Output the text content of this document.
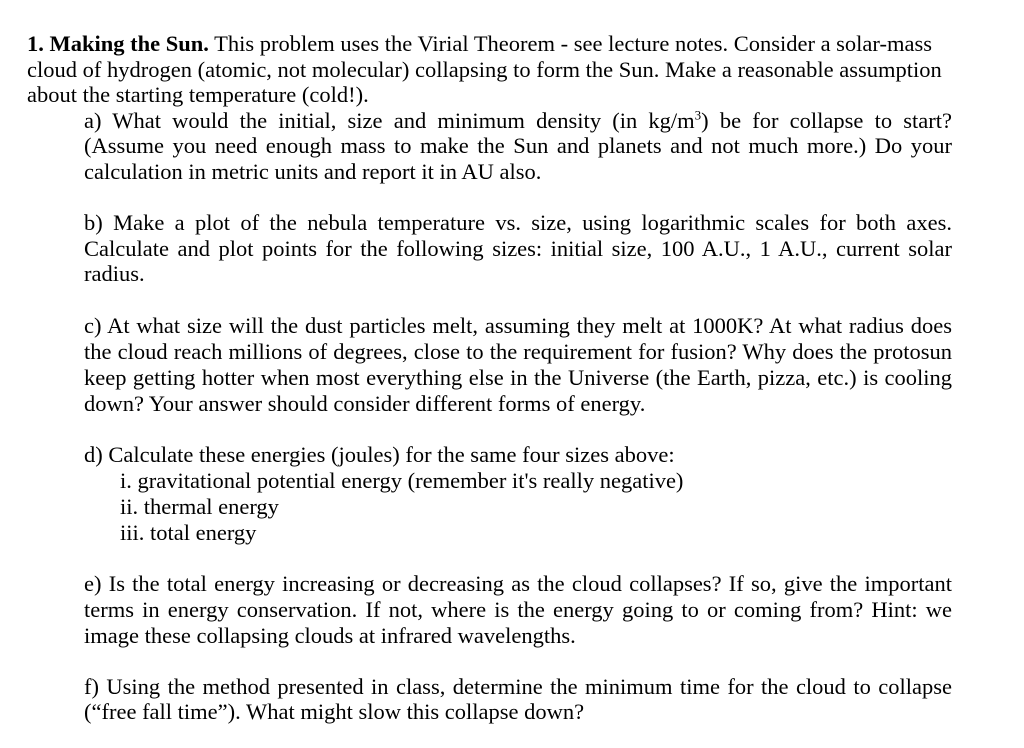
1. Making the Sun. This problem uses the Virial Theorem - see lecture notes. Consider a solar-mass cloud of hydrogen (atomic, not molecular) collapsing to form the Sun. Make a reasonable assumption about the starting temperature (cold!).

a) What would the initial, size and minimum density (in $kg/m^3$) be for collapse to start? (Assume you need enough mass to make the Sun and planets and not much more.) Do your calculation in metric units and report it in AU also.

b) Make a plot of the nebula temperature vs. size, using logarithmic scales for both axes. Calculate and plot points for the following sizes: initial size, 100 A.U., 1 A.U., current solar radius.

c) At what size will the dust particles melt, assuming they melt at 1000K? At what radius does the cloud reach millions of degrees, close to the requirement for fusion? Why does the protosun keep getting hotter when most everything else in the Universe (the Earth, pizza, etc.) is cooling down? Your answer should consider different forms of energy.

d) Calculate these energies (joules) for the same four sizes above:
i. gravitational potential energy (remember it's really negative)
ii. thermal energy
iii. total energy

e) Is the total energy increasing or decreasing as the cloud collapses? If so, give the important terms in energy conservation. If not, where is the energy going to or coming from? Hint: we image these collapsing clouds at infrared wavelengths.

f) Using the method presented in class, determine the minimum time for the cloud to collapse (“free fall time”). What might slow this collapse down?
